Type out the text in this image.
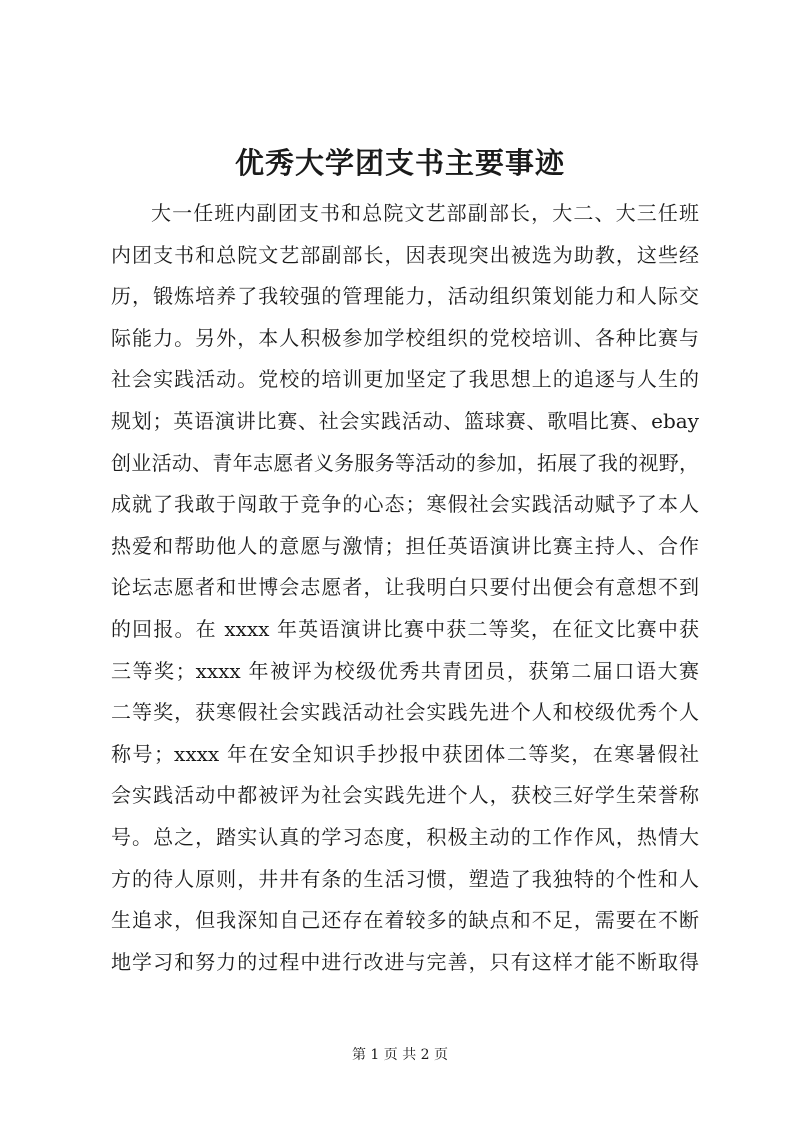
优秀大学团支书主要事迹
大一任班内副团支书和总院文艺部副部长，大二、大三任班
内团支书和总院文艺部副部长，因表现突出被选为助教，这些经
历，锻炼培养了我较强的管理能力，活动组织策划能力和人际交
际能力。另外，本人积极参加学校组织的党校培训、各种比赛与
社会实践活动。党校的培训更加坚定了我思想上的追逐与人生的
规划；英语演讲比赛、社会实践活动、篮球赛、歌唱比赛、ebay
创业活动、青年志愿者义务服务等活动的参加，拓展了我的视野，
成就了我敢于闯敢于竞争的心态；寒假社会实践活动赋予了本人
热爱和帮助他人的意愿与激情；担任英语演讲比赛主持人、合作
论坛志愿者和世博会志愿者，让我明白只要付出便会有意想不到
的回报。在 xxxx 年英语演讲比赛中获二等奖，在征文比赛中获
三等奖；xxxx 年被评为校级优秀共青团员，获第二届口语大赛
二等奖，获寒假社会实践活动社会实践先进个人和校级优秀个人
称号；xxxx 年在安全知识手抄报中获团体二等奖，在寒暑假社
会实践活动中都被评为社会实践先进个人，获校三好学生荣誉称
号。总之，踏实认真的学习态度，积极主动的工作作风，热情大
方的待人原则，井井有条的生活习惯，塑造了我独特的个性和人
生追求，但我深知自己还存在着较多的缺点和不足，需要在不断
地学习和努力的过程中进行改进与完善，只有这样才能不断取得
第 1 页 共 2 页
